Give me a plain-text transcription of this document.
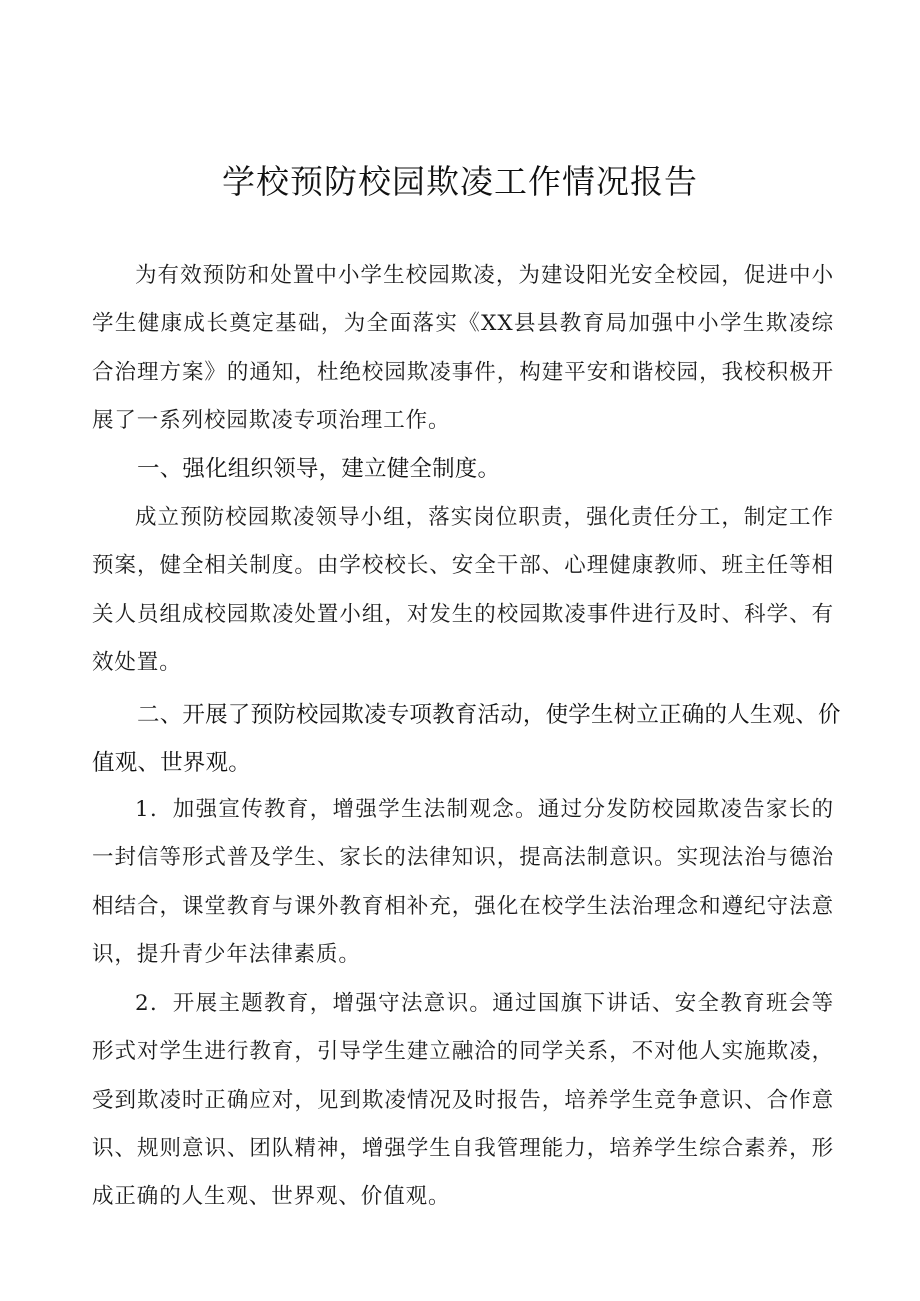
学校预防校园欺凌工作情况报告

为有效预防和处置中小学生校园欺凌，为建设阳光安全校园，促进中小学生健康成长奠定基础，为全面落实《XX县县教育局加强中小学生欺凌综合治理方案》的通知，杜绝校园欺凌事件，构建平安和谐校园，我校积极开展了一系列校园欺凌专项治理工作。

一、强化组织领导，建立健全制度。

成立预防校园欺凌领导小组，落实岗位职责，强化责任分工，制定工作预案，健全相关制度。由学校校长、安全干部、心理健康教师、班主任等相关人员组成校园欺凌处置小组，对发生的校园欺凌事件进行及时、科学、有效处置。

二、开展了预防校园欺凌专项教育活动，使学生树立正确的人生观、价值观、世界观。

1．加强宣传教育，增强学生法制观念。通过分发防校园欺凌告家长的一封信等形式普及学生、家长的法律知识，提高法制意识。实现法治与德治相结合，课堂教育与课外教育相补充，强化在校学生法治理念和遵纪守法意识，提升青少年法律素质。

2．开展主题教育，增强守法意识。通过国旗下讲话、安全教育班会等形式对学生进行教育，引导学生建立融洽的同学关系，不对他人实施欺凌，受到欺凌时正确应对，见到欺凌情况及时报告，培养学生竞争意识、合作意识、规则意识、团队精神，增强学生自我管理能力，培养学生综合素养，形成正确的人生观、世界观、价值观。
